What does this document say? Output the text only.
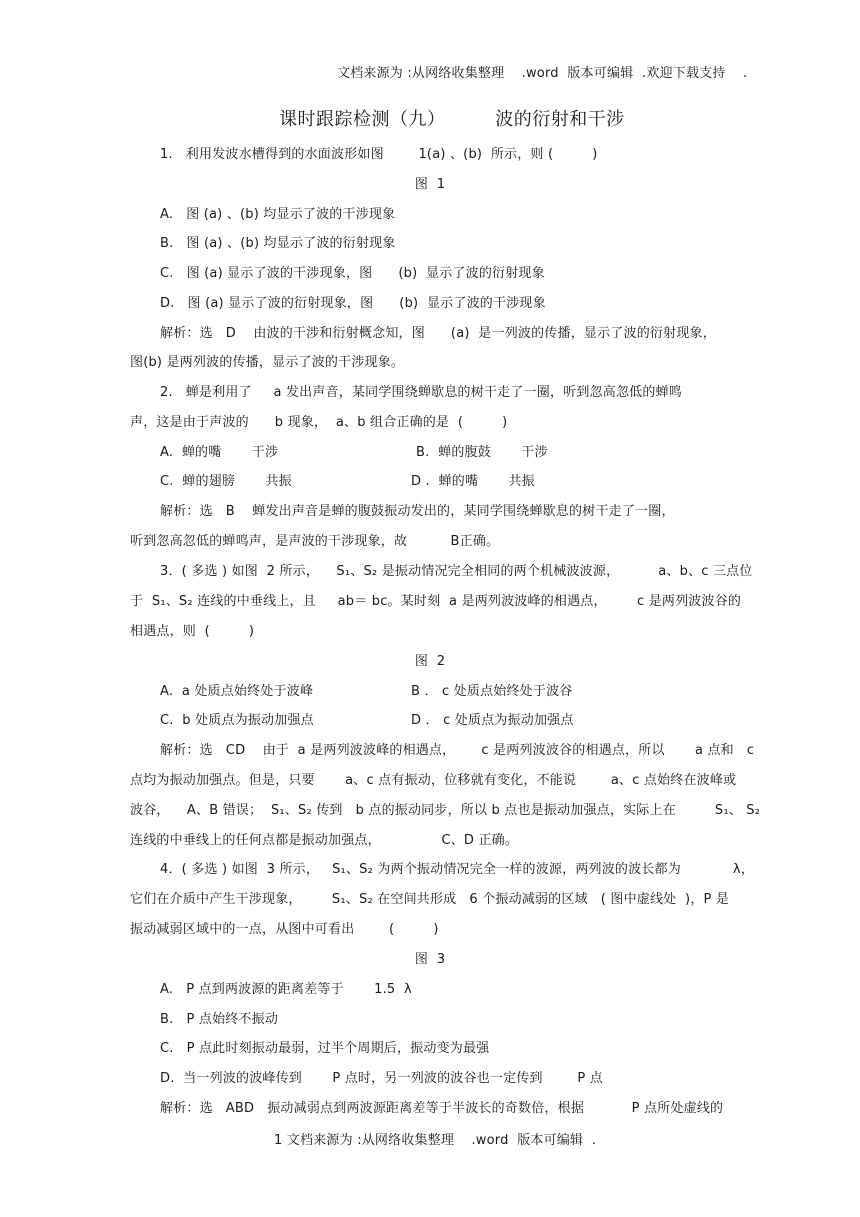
文档来源为 :从网络收集整理    .word  版本可编辑  .欢迎下载支持    .
课时跟踪检测（九）        波的衍射和干涉
1.   利用发波水槽得到的水面波形如图        1(a) 、(b)  所示，则 (         )
图  1
A.   图 (a) 、(b) 均显示了波的干涉现象
B.   图 (a) 、(b) 均显示了波的衍射现象
C.   图 (a) 显示了波的干涉现象，图      (b)  显示了波的衍射现象
D.   图 (a) 显示了波的衍射现象，图      (b)  显示了波的干涉现象
解析：选   D    由波的干涉和衍射概念知，图      (a)  是一列波的传播，显示了波的衍射现象，
图(b) 是两列波的传播，显示了波的干涉现象。
2.   蝉是利用了     a 发出声音，某同学围绕蝉歇息的树干走了一圈，听到忽高忽低的蝉鸣
声，这是由于声波的      b 现象，  a、b 组合正确的是  (         )
A.  蝉的嘴       干涉	B.  蝉的腹鼓       干涉
C.  蝉的翅膀       共振	D .  蝉的嘴       共振
解析：选   B    蝉发出声音是蝉的腹鼓振动发出的，某同学围绕蝉歇息的树干走了一圈，
听到忽高忽低的蝉鸣声，是声波的干涉现象，故          B正确。
3．( 多选 ) 如图  2 所示，    S₁、S₂ 是振动情况完全相同的两个机械波波源，         a、b、c 三点位
于  S₁、S₂ 连线的中垂线上，且     ab＝ bc。某时刻  a 是两列波波峰的相遇点，       c 是两列波波谷的
相遇点，则  (         )
图  2
A.  a 处质点始终处于波峰	B ． c 处质点始终处于波谷
C.  b 处质点为振动加强点	D ． c 处质点为振动加强点
解析：选   CD    由于  a 是两列波波峰的相遇点，      c 是两列波波谷的相遇点，所以       a 点和   c
点均为振动加强点。但是，只要       a、c 点有振动，位移就有变化，不能说        a、c 点始终在波峰或
波谷，    A、B 错误；  S₁、S₂ 传到   b 点的振动同步，所以 b 点也是振动加强点，实际上在         S₁、 S₂
连线的中垂线上的任何点都是振动加强点，              C、D 正确。
4．( 多选 ) 如图  3 所示，   S₁、S₂ 为两个振动情况完全一样的波源，两列波的波长都为            λ，
它们在介质中产生干涉现象，       S₁、S₂ 在空间共形成   6 个振动减弱的区域   ( 图中虚线处  )，P 是
振动减弱区域中的一点，从图中可看出        (         )
图  3
A.   P 点到两波源的距离差等于       1.5  λ
B.   P 点始终不振动
C.   P 点此时刻振动最弱，过半个周期后，振动变为最强
D.  当一列波的波峰传到       P 点时，另一列波的波谷也一定传到        P 点
解析：选   ABD   振动减弱点到两波源距离差等于半波长的奇数倍，根据           P 点所处虚线的
1 文档来源为 :从网络收集整理    .word  版本可编辑  .
